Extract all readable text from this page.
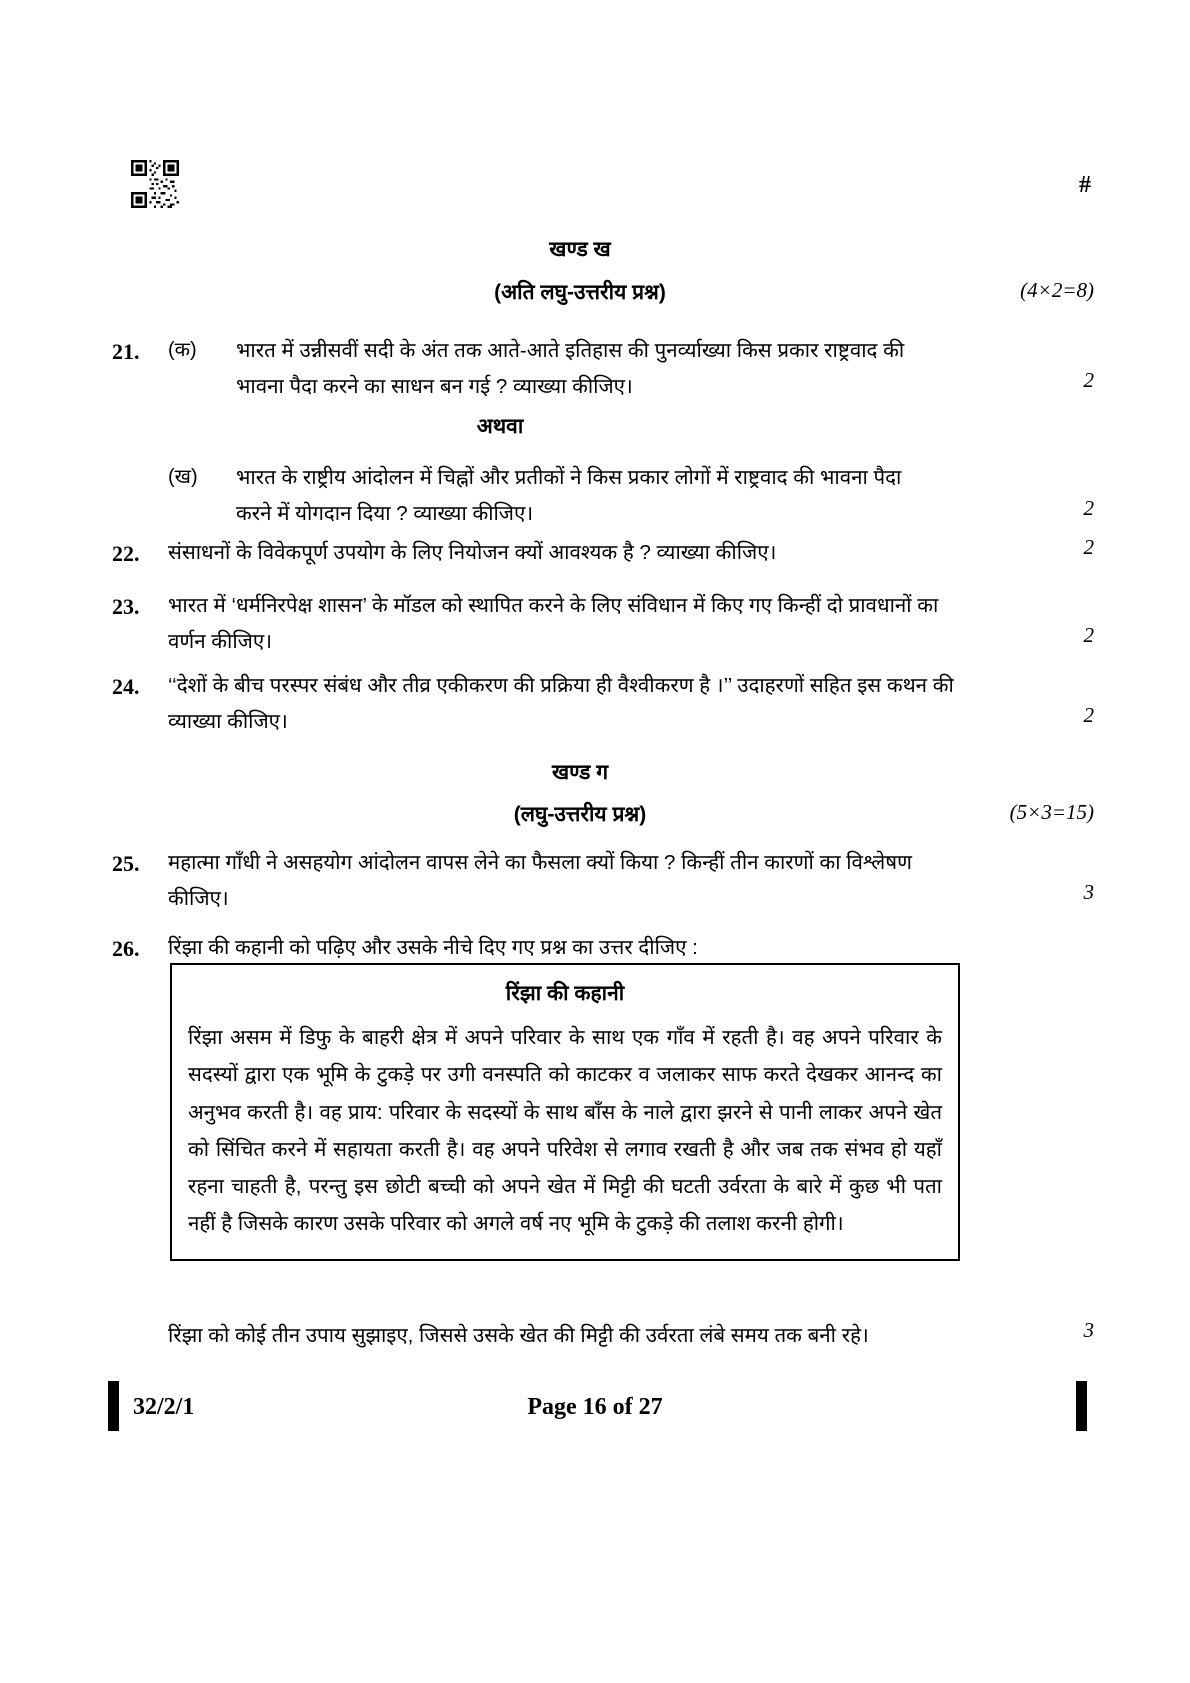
#
खण्ड ख
(अति लघु-उत्तरीय प्रश्न)	(4×2=8)
21.	(क)	भारत में उन्नीसवीं सदी के अंत तक आते-आते इतिहास की पुनर्व्याख्या किस प्रकार राष्ट्रवाद की भावना पैदा करने का साधन बन गई ? व्याख्या कीजिए।	2
अथवा
(ख)	भारत के राष्ट्रीय आंदोलन में चिह्नों और प्रतीकों ने किस प्रकार लोगों में राष्ट्रवाद की भावना पैदा करने में योगदान दिया ? व्याख्या कीजिए।	2
22.	संसाधनों के विवेकपूर्ण उपयोग के लिए नियोजन क्यों आवश्यक है ? व्याख्या कीजिए।	2
23.	भारत में ‘धर्मनिरपेक्ष शासन’ के मॉडल को स्थापित करने के लिए संविधान में किए गए किन्हीं दो प्रावधानों का वर्णन कीजिए।	2
24.	‘‘देशों के बीच परस्पर संबंध और तीव्र एकीकरण की प्रक्रिया ही वैश्वीकरण है ।’’ उदाहरणों सहित इस कथन की व्याख्या कीजिए।	2
खण्ड ग
(लघु-उत्तरीय प्रश्न)	(5×3=15)
25.	महात्मा गाँधी ने असहयोग आंदोलन वापस लेने का फैसला क्यों किया ? किन्हीं तीन कारणों का विश्लेषण कीजिए।	3
26.	रिंझा की कहानी को पढ़िए और उसके नीचे दिए गए प्रश्न का उत्तर दीजिए :
रिंझा की कहानी
रिंझा असम में डिफु के बाहरी क्षेत्र में अपने परिवार के साथ एक गाँव में रहती है। वह अपने परिवार के सदस्यों द्वारा एक भूमि के टुकड़े पर उगी वनस्पति को काटकर व जलाकर साफ करते देखकर आनन्द का अनुभव करती है। वह प्राय: परिवार के सदस्यों के साथ बाँस के नाले द्वारा झरने से पानी लाकर अपने खेत को सिंचित करने में सहायता करती है। वह अपने परिवेश से लगाव रखती है और जब तक संभव हो यहाँ रहना चाहती है, परन्तु इस छोटी बच्ची को अपने खेत में मिट्टी की घटती उर्वरता के बारे में कुछ भी पता नहीं है जिसके कारण उसके परिवार को अगले वर्ष नए भूमि के टुकड़े की तलाश करनी होगी।
रिंझा को कोई तीन उपाय सुझाइए, जिससे उसके खेत की मिट्टी की उर्वरता लंबे समय तक बनी रहे।	3
32/2/1	Page 16 of 27
